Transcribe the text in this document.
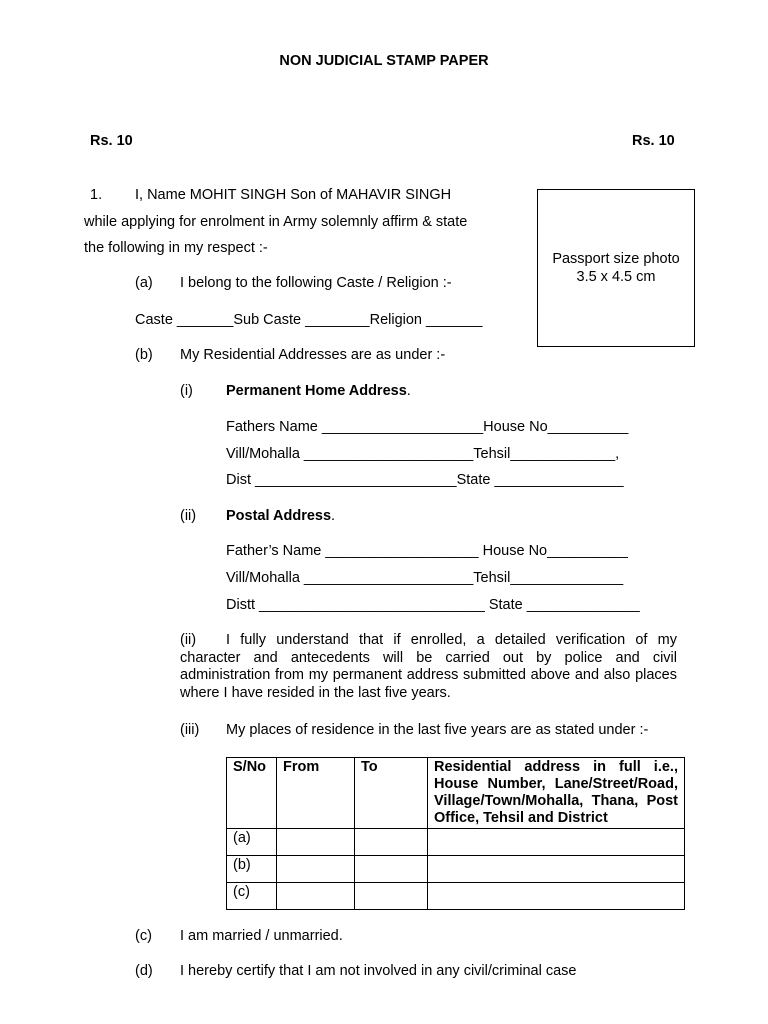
NON JUDICIAL STAMP PAPER
Rs. 10	Rs. 10
Passport size photo
3.5 x 4.5 cm
1. I, Name MOHIT SINGH Son of MAHAVIR SINGH
while applying for enrolment in Army solemnly affirm & state
the following in my respect :-
(a) I belong to the following Caste / Religion :-
Caste _______Sub Caste ________Religion _______
(b) My Residential Addresses are as under :-
(i) Permanent Home Address.
Fathers Name ____________________House No__________
Vill/Mohalla _____________________Tehsil_____________,
Dist _________________________State ________________
(ii) Postal Address.
Father’s Name ___________________ House No__________
Vill/Mohalla _____________________Tehsil______________
Distt ____________________________ State ______________
(ii) I fully understand that if enrolled, a detailed verification of my character and antecedents will be carried out by police and civil administration from my permanent address submitted above and also places where I have resided in the last five years.
(iii) My places of residence in the last five years are as stated under :-
S/No	From	To	Residential address in full i.e., House Number, Lane/Street/Road, Village/Town/Mohalla, Thana, Post Office, Tehsil and District
(a)			
(b)			
(c)			
(c) I am married / unmarried.
(d) I hereby certify that I am not involved in any civil/criminal case
